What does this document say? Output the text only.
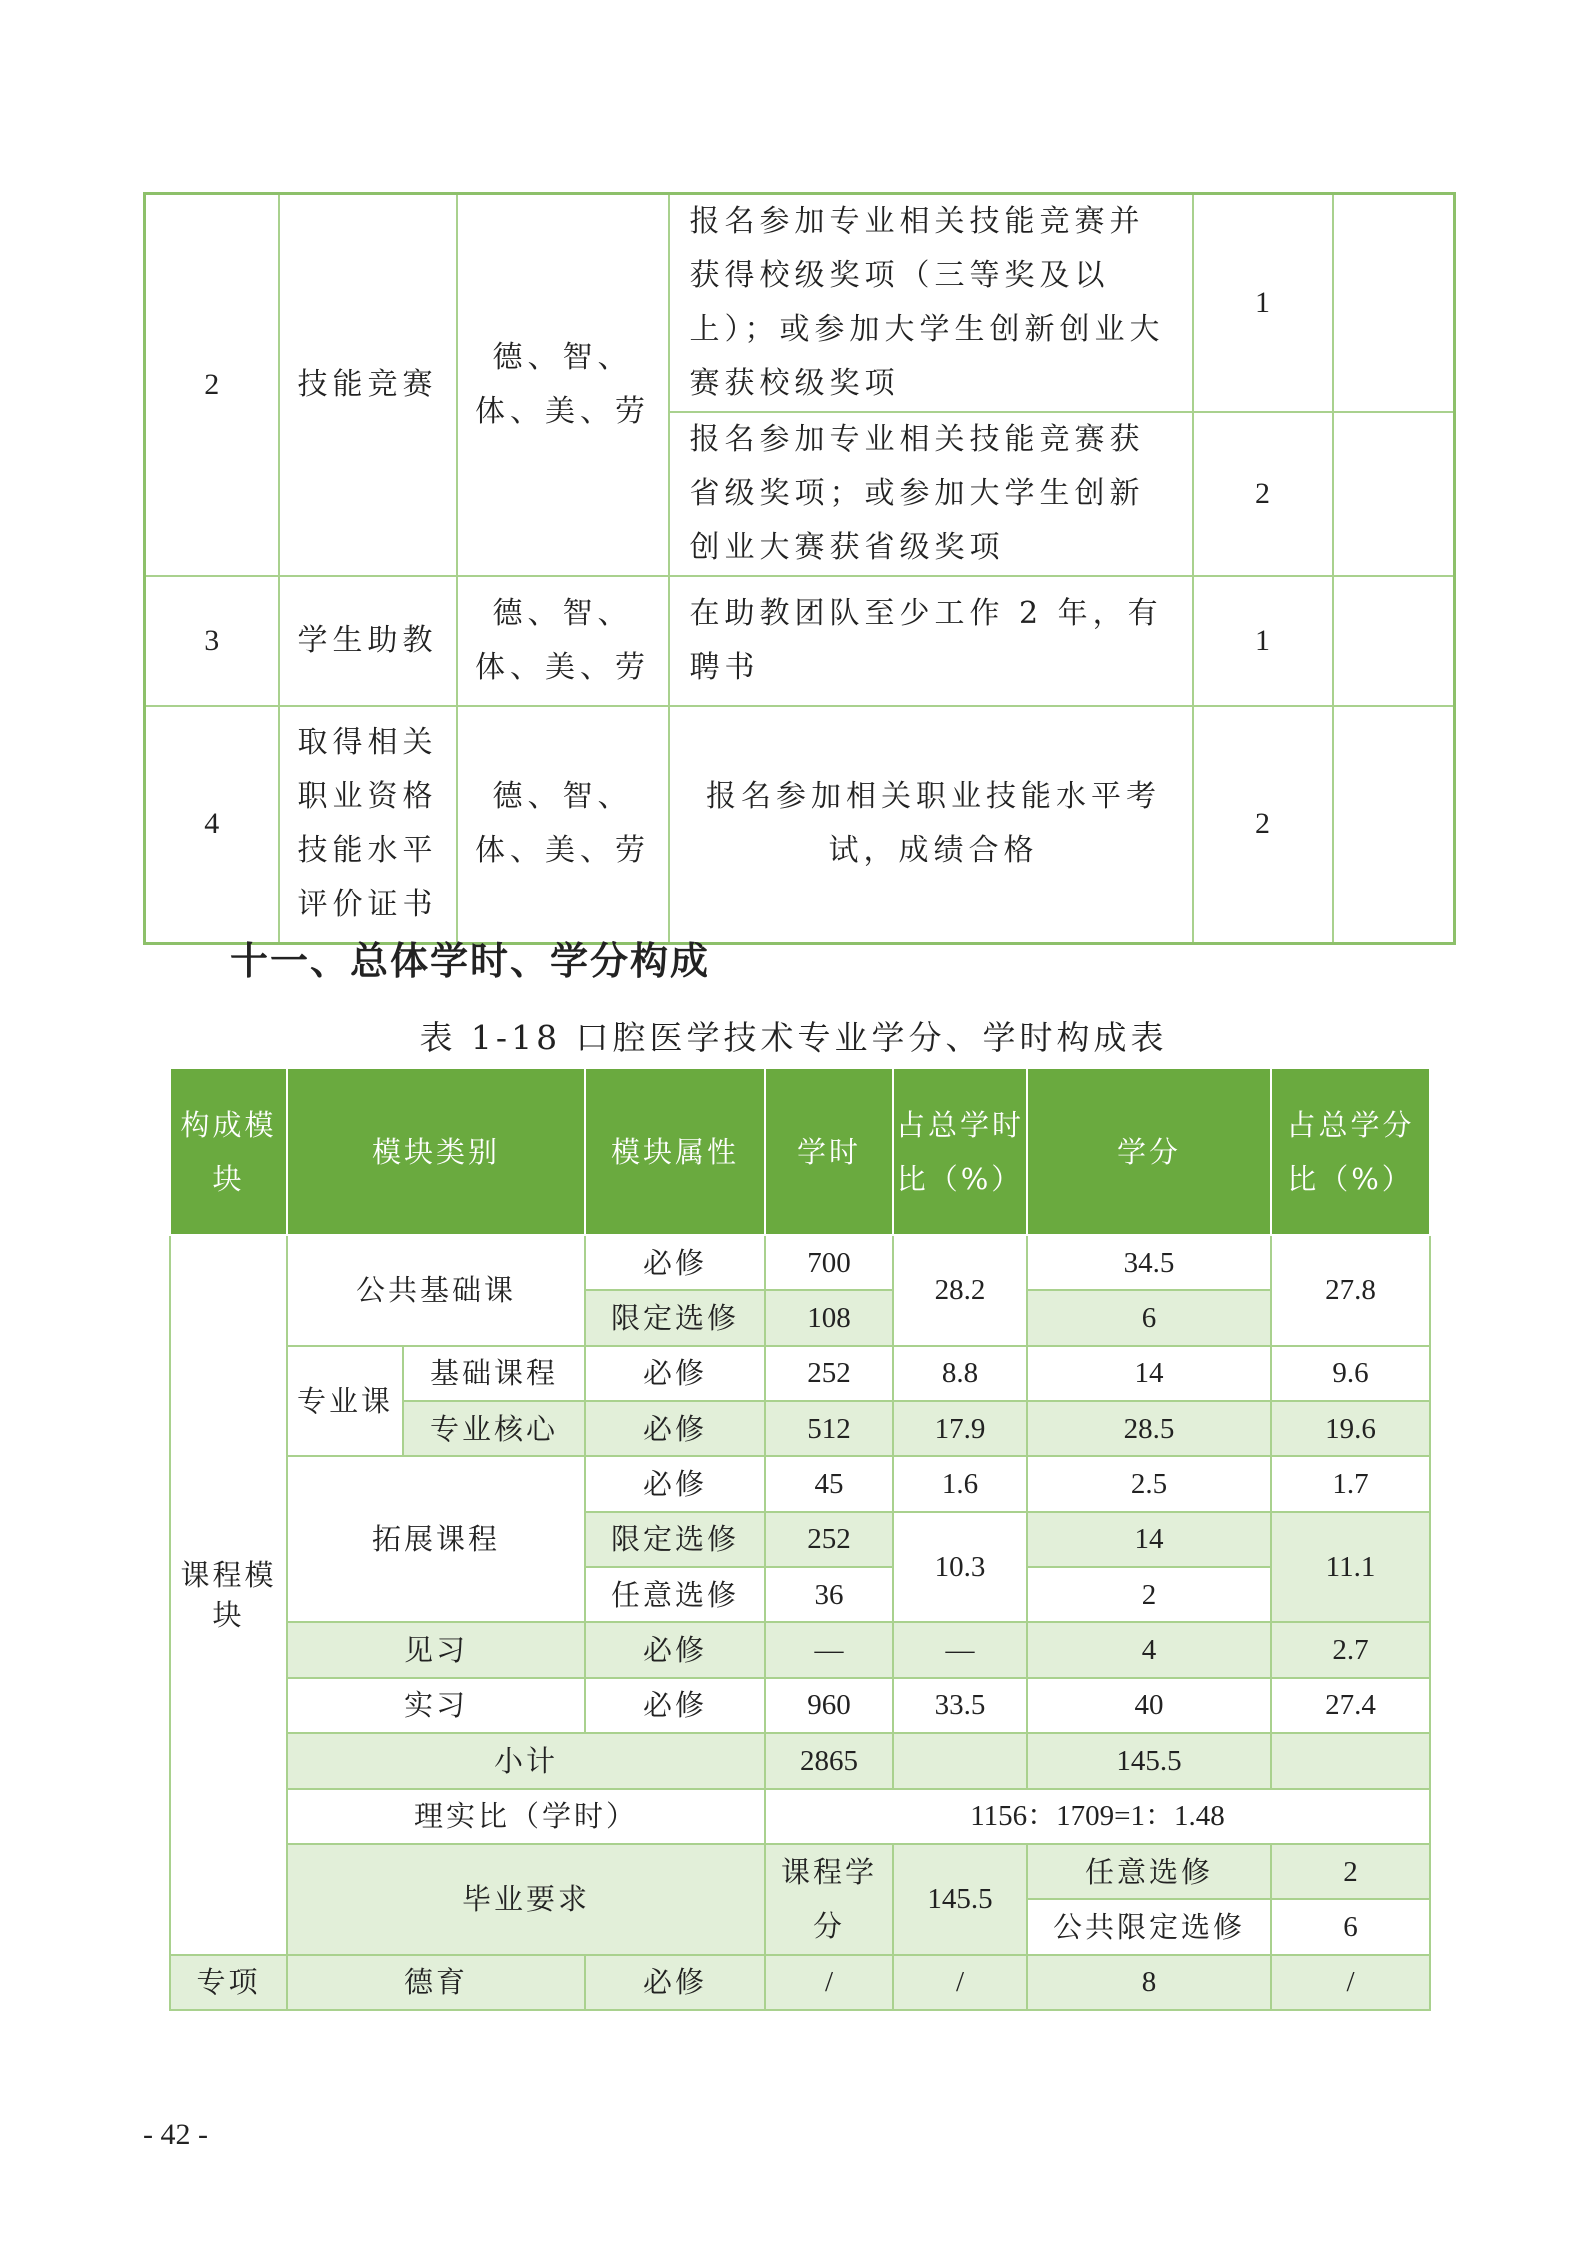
2	技能竞赛	德、智、体、美、劳	报名参加专业相关技能竞赛并获得校级奖项（三等奖及以上）；或参加大学生创新创业大赛获校级奖项	1	
			报名参加专业相关技能竞赛获省级奖项；或参加大学生创新创业大赛获省级奖项	2	
3	学生助教	德、智、体、美、劳	在助教团队至少工作 2 年，有聘书	1	
4	取得相关职业资格技能水平评价证书	德、智、体、美、劳	报名参加相关职业技能水平考试，成绩合格	2	
十一、总体学时、学分构成

表 1-18 口腔医学技术专业学分、学时构成表

构成模块	模块类别		模块属性	学时	占总学时比（%）	学分	占总学分比（%）
课程模块	公共基础课		必修	700	28.2	34.5	27.8
			限定选修	108		6	
	专业课	基础课程	必修	252	8.8	14	9.6
		专业核心	必修	512	17.9	28.5	19.6
	拓展课程		必修	45	1.6	2.5	1.7
			限定选修	252	10.3	14	11.1
			任意选修	36		2	
	见习		必修	—	—	4	2.7
	实习		必修	960	33.5	40	27.4
	小计			2865		145.5	
	理实比（学时）			1156：1709=1：1.48			
	毕业要求			课程学分	145.5	任意选修	2
						公共限定选修	6
专项	德育		必修	/	/	8	/

- 42 -
